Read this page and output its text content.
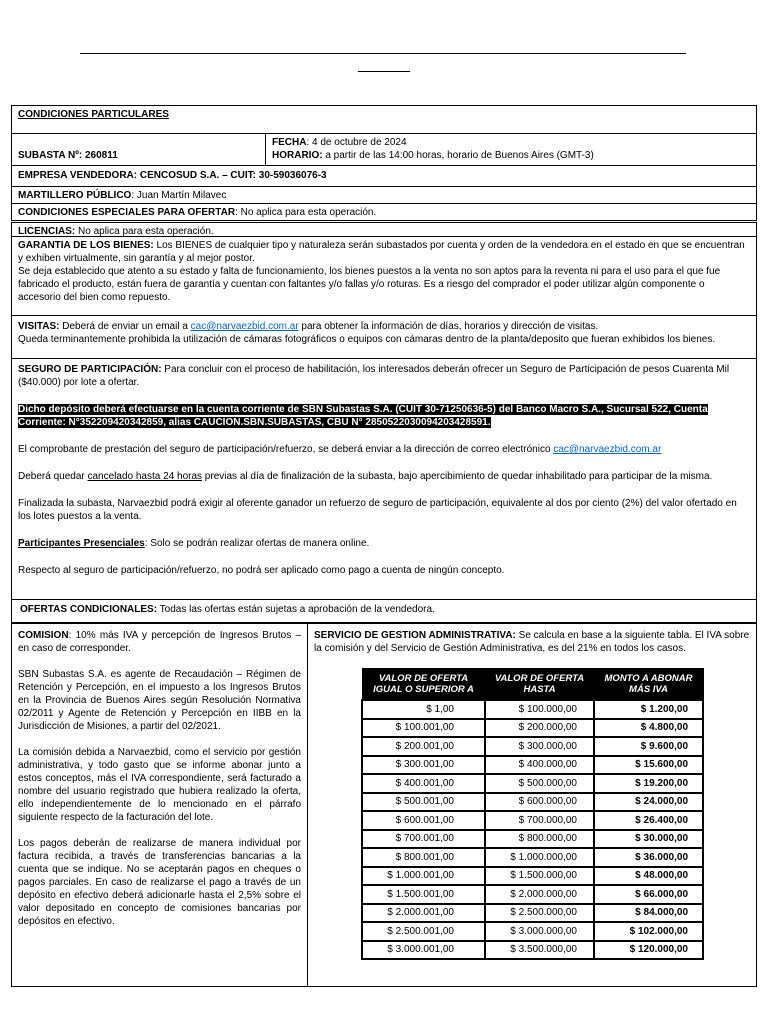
CONDICIONES PARTICULARES

SUBASTA Nº: 260811

FECHA: 4 de octubre de 2024

HORARIO: a partir de las 14:00 horas, horario de Buenos Aires (GMT-3)

EMPRESA VENDEDORA: CENCOSUD S.A. – CUIT: 30-59036076-3

MARTILLERO PÚBLICO: Juan Martín Milavec

CONDICIONES ESPECIALES PARA OFERTAR: No aplica para esta operación.

LICENCIAS: No aplica para esta operación.

GARANTIA DE LOS BIENES: Los BIENES de cualquier tipo y naturaleza serán subastados por cuenta y orden de la vendedora en el estado en que se encuentran y exhiben virtualmente, sin garantía y al mejor postor.

Se deja establecido que atento a su estado y falta de funcionamiento, los bienes puestos a la venta no son aptos para la reventa ni para el uso para el que fue fabricado el producto, están fuera de garantía y cuentan con faltantes y/o fallas y/o roturas. Es a riesgo del comprador el poder utilizar algún componente o accesorio del bien como repuesto.

VISITAS: Deberá de enviar un email a cac@narvaezbid.com.ar para obtener la información de días, horarios y dirección de visitas.

Queda terminantemente prohibida la utilización de cámaras fotográficos o equipos con cámaras dentro de la planta/deposito que fueran exhibidos los bienes.

SEGURO DE PARTICIPACIÓN: Para concluir con el proceso de habilitación, los interesados deberán ofrecer un Seguro de Participación de pesos Cuarenta Mil ($40.000) por lote a ofertar.

Dicho depósito deberá efectuarse en la cuenta corriente de SBN Subastas S.A. (CUIT 30-71250636-5) del Banco Macro S.A., Sucursal 522, Cuenta Corriente: N°352209420342859, alias CAUCION.SBN.SUBASTAS, CBU N° 2850522030094203428591.

El comprobante de prestación del seguro de participación/refuerzo, se deberá enviar a la dirección de correo electrónico cac@narvaezbid.com.ar

Deberá quedar cancelado hasta 24 horas previas al día de finalización de la subasta, bajo apercibimiento de quedar inhabilitado para participar de la misma.

Finalizada la subasta, Narvaezbid podrá exigir al oferente ganador un refuerzo de seguro de participación, equivalente al dos por ciento (2%) del valor ofertado en los lotes puestos a la venta.

Participantes Presenciales: Solo se podrán realizar ofertas de manera online.

Respecto al seguro de participación/refuerzo, no podrá ser aplicado como pago a cuenta de ningún concepto.

OFERTAS CONDICIONALES: Todas las ofertas están sujetas a aprobación de la vendedora.

COMISION: 10% más IVA y percepción de Ingresos Brutos – en caso de corresponder.

SBN Subastas S.A. es agente de Recaudación – Régimen de Retención y Percepción, en el impuesto a los Ingresos Brutos en la Provincia de Buenos Aires según Resolución Normativa 02/2011 y Agente de Retención y Percepción en IIBB en la Jurisdicción de Misiones, a partir del 02/2021.

La comisión debida a Narvaezbid, como el servicio por gestión administrativa, y todo gasto que se informe abonar junto a estos conceptos, más el IVA correspondiente, será facturado a nombre del usuario registrado que hubiera realizado la oferta, ello independientemente de lo mencionado en el párrafo siguiente respecto de la facturación del lote.

Los pagos deberán de realizarse de manera individual por factura recibida, a través de transferencias bancarias a la cuenta que se indique. No se aceptarán pagos en cheques o pagos parciales. En caso de realizarse el pago a través de un depósito en efectivo deberá adicionarle hasta el 2,5% sobre el valor depositado en concepto de comisiones bancarias por depósitos en efectivo.

SERVICIO DE GESTION ADMINISTRATIVA: Se calcula en base a la siguiente tabla. El IVA sobre la comisión y del Servicio de Gestión Administrativa, es del 21% en todos los casos.

VALOR DE OFERTA IGUAL O SUPERIOR A	VALOR DE OFERTA HASTA	MONTO A ABONAR MÁS IVA
$ 1,00	$ 100.000,00	$ 1.200,00
$ 100.001,00	$ 200.000,00	$ 4.800,00
$ 200.001,00	$ 300.000,00	$ 9.600,00
$ 300.001,00	$ 400.000,00	$ 15.600,00
$ 400.001,00	$ 500.000,00	$ 19.200,00
$ 500.001,00	$ 600.000,00	$ 24.000,00
$ 600.001,00	$ 700.000,00	$ 26.400,00
$ 700.001,00	$ 800.000,00	$ 30.000,00
$ 800.001,00	$ 1.000.000,00	$ 36.000,00
$ 1.000.001,00	$ 1.500.000,00	$ 48.000,00
$ 1.500.001,00	$ 2.000.000,00	$ 66.000,00
$ 2.000.001,00	$ 2.500.000,00	$ 84.000,00
$ 2.500.001,00	$ 3.000.000,00	$ 102.000,00
$ 3.000.001,00	$ 3.500.000,00	$ 120.000,00
